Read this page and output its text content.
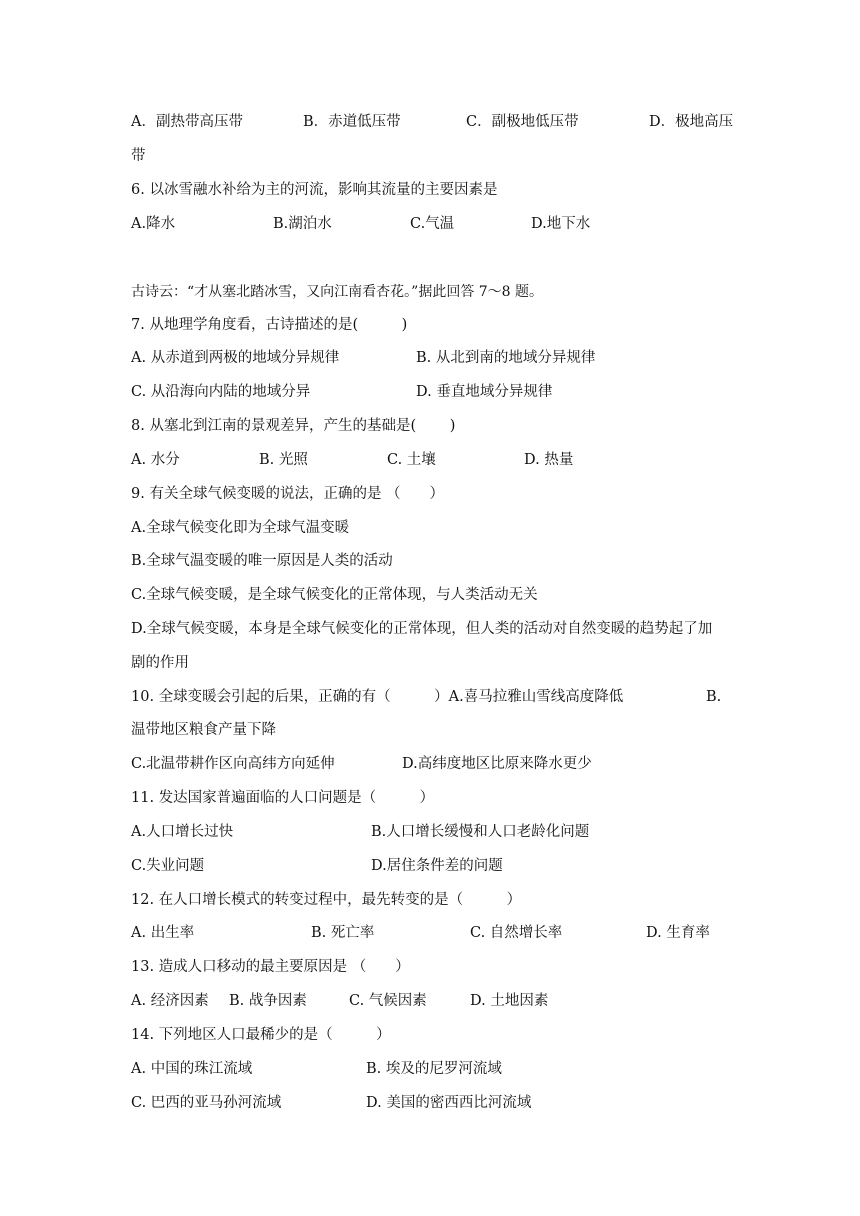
A．副热带高压带	B．赤道低压带	C．副极地低压带	D．极地高压
带
6. 以冰雪融水补给为主的河流，影响其流量的主要因素是
A.降水	B.湖泊水	C.气温	D.地下水
古诗云：“才从塞北踏冰雪，又向江南看杏花。”据此回答 7～8 题。
7. 从地理学角度看，古诗描述的是(　　　)
A. 从赤道到两极的地域分异规律	B. 从北到南的地域分异规律
C. 从沿海向内陆的地域分异	D. 垂直地域分异规律
8. 从塞北到江南的景观差异，产生的基础是(　　 )
A. 水分	B. 光照	C. 土壤	D. 热量
9. 有关全球气候变暖的说法，正确的是 （　　）
A.全球气候变化即为全球气温变暖
B.全球气温变暖的唯一原因是人类的活动
C.全球气候变暖，是全球气候变化的正常体现，与人类活动无关
D.全球气候变暖，本身是全球气候变化的正常体现，但人类的活动对自然变暖的趋势起了加
剧的作用
10. 全球变暖会引起的后果，正确的有（　　　）A.喜马拉雅山雪线高度降低	B.
温带地区粮食产量下降
C.北温带耕作区向高纬方向延伸	D.高纬度地区比原来降水更少
11. 发达国家普遍面临的人口问题是（　　　）
A.人口增长过快	B.人口增长缓慢和人口老龄化问题
C.失业问题	D.居住条件差的问题
12. 在人口增长模式的转变过程中，最先转变的是（　　　）
A. 出生率	B. 死亡率	C. 自然增长率	D. 生育率
13. 造成人口移动的最主要原因是 （　　）
A. 经济因素 B. 战争因素	C. 气候因素	D. 土地因素
14. 下列地区人口最稀少的是（　　　）
A. 中国的珠江流域	B. 埃及的尼罗河流域
C. 巴西的亚马孙河流域	D. 美国的密西西比河流域
